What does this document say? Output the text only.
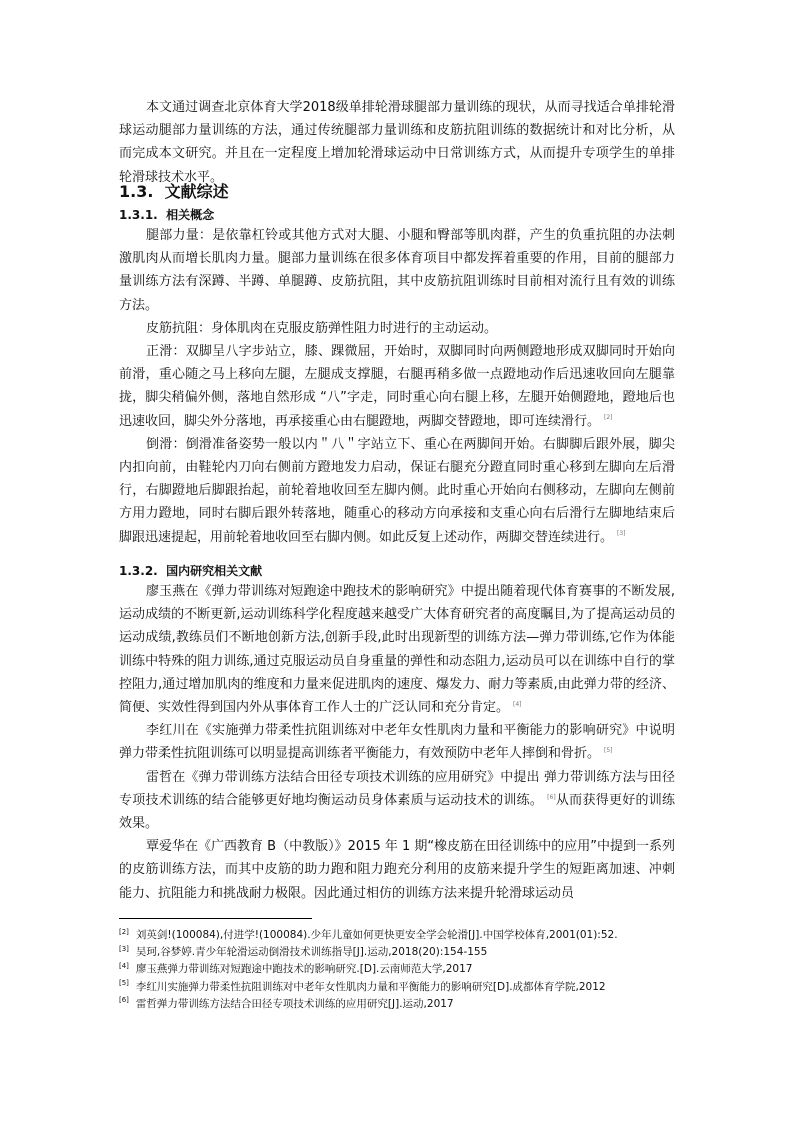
本文通过调查北京体育大学2018级单排轮滑球腿部力量训练的现状，从而寻找适合单排轮滑球运动腿部力量训练的方法，通过传统腿部力量训练和皮筋抗阻训练的数据统计和对比分析，从而完成本文研究。并且在一定程度上增加轮滑球运动中日常训练方式，从而提升专项学生的单排轮滑球技术水平。

1.3. 文献综述
1.3.1. 相关概念

腿部力量：是依靠杠铃或其他方式对大腿、小腿和臀部等肌肉群，产生的负重抗阻的办法刺激肌肉从而增长肌肉力量。腿部力量训练在很多体育项目中都发挥着重要的作用，目前的腿部力量训练方法有深蹲、半蹲、单腿蹲、皮筋抗阻，其中皮筋抗阻训练时目前相对流行且有效的训练方法。

皮筋抗阻：身体肌肉在克服皮筋弹性阻力时进行的主动运动。

正滑：双脚呈八字步站立，膝、踝微屈，开始时，双脚同时向两侧蹬地形成双脚同时开始向前滑，重心随之马上移向左腿，左腿成支撑腿，右腿再稍多做一点蹬地动作后迅速收回向左腿靠拢，脚尖稍偏外侧，落地自然形成 “八”字走，同时重心向右腿上移，左腿开始侧蹬地，蹬地后也迅速收回，脚尖外分落地，再承接重心由右腿蹬地，两脚交替蹬地，即可连续滑行。 [2]

倒滑：倒滑准备姿势一般以内＂八＂字站立下、重心在两脚间开始。右脚脚后跟外展，脚尖内扣向前，由鞋轮内刀向右侧前方蹬地发力启动，保证右腿充分蹬直同时重心移到左脚向左后滑行，右脚蹬地后脚跟抬起，前轮着地收回至左脚内侧。此时重心开始向右侧移动，左脚向左侧前方用力蹬地，同时右脚后跟外转落地，随重心的移动方向承接和支重心向右后滑行左脚地结束后脚跟迅速提起，用前轮着地收回至右脚内侧。如此反复上述动作，两脚交替连续进行。 [3]

1.3.2. 国内研究相关文献

廖玉燕在《弹力带训练对短跑途中跑技术的影响研究》中提出随着现代体育赛事的不断发展,运动成绩的不断更新,运动训练科学化程度越来越受广大体育研究者的高度瞩目,为了提高运动员的运动成绩,教练员们不断地创新方法,创新手段,此时出现新型的训练方法—弹力带训练,它作为体能训练中特殊的阻力训练,通过克服运动员自身重量的弹性和动态阻力,运动员可以在训练中自行的掌控阻力,通过增加肌肉的维度和力量来促进肌肉的速度、爆发力、耐力等素质,由此弹力带的经济、简便、实效性得到国内外从事体育工作人士的广泛认同和充分肯定。 [4]

李红川在《实施弹力带柔性抗阻训练对中老年女性肌肉力量和平衡能力的影响研究》中说明弹力带柔性抗阻训练可以明显提高训练者平衡能力，有效预防中老年人摔倒和骨折。 [5]

雷哲在《弹力带训练方法结合田径专项技术训练的应用研究》中提出 弹力带训练方法与田径专项技术训练的结合能够更好地均衡运动员身体素质与运动技术的训练。 [6]从而获得更好的训练效果。

覃爱华在《广西教育 B（中教版）》2015 年 1 期“橡皮筋在田径训练中的应用”中提到一系列的皮筋训练方法，而其中皮筋的助力跑和阻力跑充分利用的皮筋来提升学生的短距离加速、冲刺能力、抗阻能力和挑战耐力极限。因此通过相仿的训练方法来提升轮滑球运动员

[2] 刘英剑!(100084),付进学!(100084).少年儿童如何更快更安全学会轮滑[J].中国学校体育,2001(01):52.

[3] 吴珂,谷梦婷.青少年轮滑运动倒滑技术训练指导[J].运动,2018(20):154-155

[4] 廖玉燕弹力带训练对短跑途中跑技术的影响研究.[D].云南师范大学,2017

[5] 李红川实施弹力带柔性抗阻训练对中老年女性肌肉力量和平衡能力的影响研究[D].成都体育学院,2012

[6] 雷哲弹力带训练方法结合田径专项技术训练的应用研究[J].运动,2017
